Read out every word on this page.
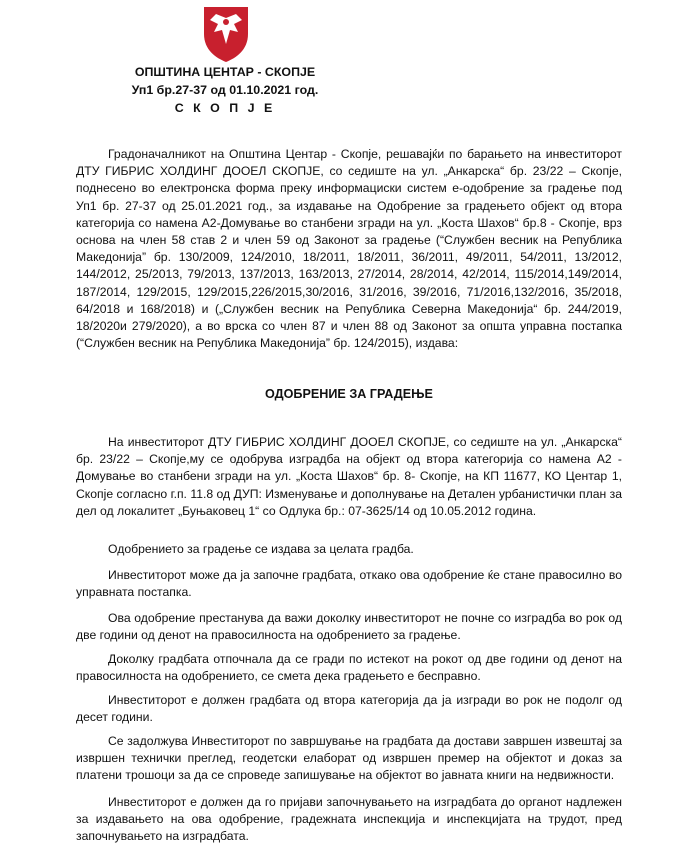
ОПШТИНА ЦЕНТАР - СКОПЈЕ
Уп1 бр.27-37 од 01.10.2021 год.
С К О П Ј Е

Градоначалникот на Општина Центар - Скопје, решавајќи по барањето на инвеститорот ДТУ ГИБРИС ХОЛДИНГ ДООЕЛ СКОПЈЕ, со седиште на ул. „Анкарска“ бр. 23/22 – Скопје, поднесено во електронска форма преку информациски систем е-одобрение за градење под Уп1 бр. 27-37 од 25.01.2021 год., за издавање на Одобрение за градењето објект од втора категорија со намена А2-Домување во станбени згради на ул. „Коста Шахов“ бр.8 - Скопје, врз основа на член 58 став 2 и член 59 од Законот за градење (“Службен весник на Република Македонија” бр. 130/2009, 124/2010, 18/2011, 18/2011, 36/2011, 49/2011, 54/2011, 13/2012, 144/2012, 25/2013, 79/2013, 137/2013, 163/2013, 27/2014, 28/2014, 42/2014, 115/2014,149/2014, 187/2014, 129/2015, 129/2015,226/2015,30/2016, 31/2016, 39/2016, 71/2016,132/2016, 35/2018, 64/2018 и 168/2018) и („Службен весник на Република Северна Македонија“ бр. 244/2019, 18/2020и 279/2020), а во врска со член 87 и член 88 од Законот за општа управна постапка (“Службен весник на Република Македонија” бр. 124/2015), издава:

ОДОБРЕНИЕ ЗА ГРАДЕЊЕ

На инвеститорот ДТУ ГИБРИС ХОЛДИНГ ДООЕЛ СКОПЈЕ, со седиште на ул. „Анкарска“ бр. 23/22 – Скопје,му се одобрува изградба на објект од втора категорија со намена А2 - Домување во станбени згради на ул. „Коста Шахов“ бр. 8- Скопје, на КП 11677, КО Центар 1, Скопје согласно г.п. 11.8 од ДУП: Изменување и дополнување на Детален урбанистички план за дел од локалитет „Буњаковец 1“ со Одлука бр.: 07-3625/14 од 10.05.2012 година.

Одобрението за градење се издава за целата градба.

Инвеститорот може да ја започне градбата, откако ова одобрение ќе стане правосилно во управната постапка.

Ова одобрение престанува да важи доколку инвеститорот не почне со изградба во рок од две години од денот на правосилноста на одобрението за градење.

Доколку градбата отпочнала да се гради по истекот на рокот од две години од денот на правосилноста на одобрението, се смета дека градењето е бесправно.

Инвеститорот е должен градбата од втора категорија да ја изгради во рок не подолг од десет години.

Се задолжува Инвеститорот по завршување на градбата да достави завршен извештај за извршен технички преглед, геодетски елаборат од извршен премер на објектот и доказ за платени трошоци за да се спроведе запишување на објектот во јавната книги на недвижности.

Инвеститорот е должен да го пријави започнувањето на изградбата до органот надлежен за издавањето на ова одобрение, градежната инспекција и инспекцијата на трудот, пред започнувањето на изградбата.
